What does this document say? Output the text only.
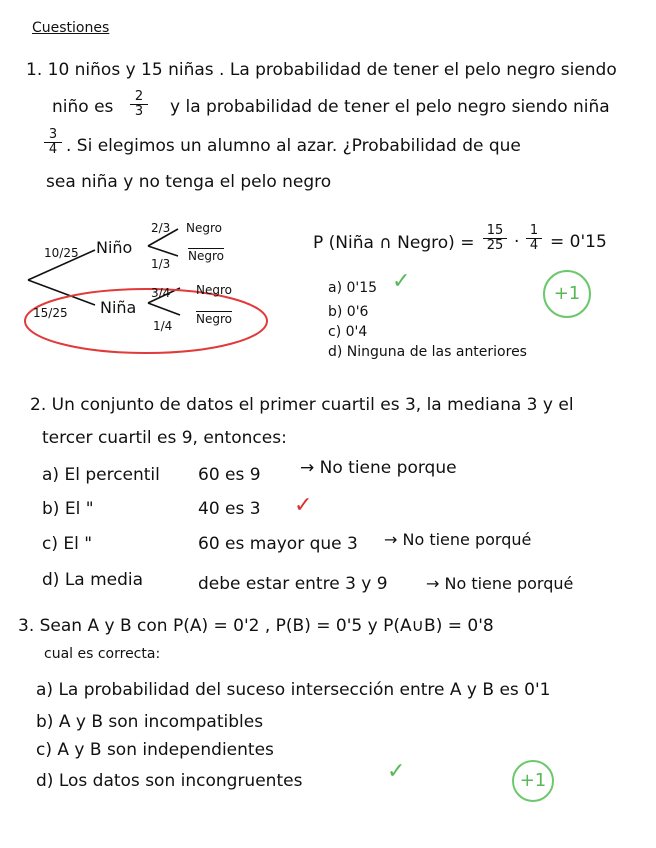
Cuestiones
1. 10 niños y 15 niñas . La probabilidad de tener el pelo negro siendo
niño es $\frac{2}{3}$ y la probabilidad de tener el pelo negro siendo niña
$\frac{3}{4}$ . Si elegimos un alumno al azar. ¿Probabilidad de que
sea niña y no tenga el pelo negro
10/25 Niño
15/25 Niña
2/3 Negro
1/3
Negro
3/4 Negro
1/4 Negro
P (Niña ∩ Negro) = $\frac{15}{25} \cdot \frac{1}{4} = 0'15$
a) 0'15 ✓
b) 0'6
c) 0'4
d) Ninguna de las anteriores
+1
2. Un conjunto de datos el primer cuartil es 3, la mediana 3 y el
tercer cuartil es 9, entonces:
a) El percentil 60 es 9 → No tiene porque
b) El "	40 es 3 ✓
c) El "	60 es mayor que 3 → No tiene porqué
d) La media	debe estar entre 3 y 9 → No tiene porqué
3. Sean A y B con P(A) = 0'2 , P(B) = 0'5 y P(A∪B) = 0'8
cual es correcta:
a) La probabilidad del suceso intersección entre A y B es 0'1
b) A y B son incompatibles
c) A y B son independientes
d) Los datos son incongruentes	✓	+1
